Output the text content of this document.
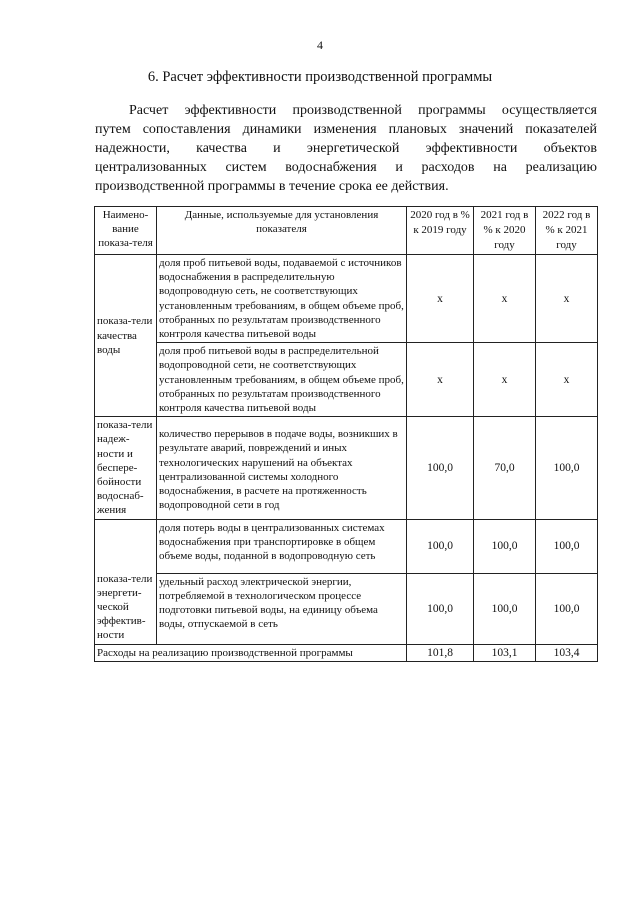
4
6. Расчет эффективности производственной программы
Расчет эффективности производственной программы осуществляется
путем сопоставления динамики изменения плановых значений показателей
надежности, качества и энергетической эффективности объектов
централизованных систем водоснабжения и расходов на реализацию
производственной программы в течение срока ее действия.
Наимено-вание показа-теля	Данные, используемые для установления показателя	2020 год в % к 2019 году	2021 год в % к 2020 году	2022 год в % к 2021 году
показа-тели качества воды	доля проб питьевой воды, подаваемой с источников водоснабжения в распределительную водопроводную сеть, не соответствующих установленным требованиям, в общем объеме проб, отобранных по результатам производственного контроля качества питьевой воды	x	x	x
	доля проб питьевой воды в распределительной водопроводной сети, не соответствующих установленным требованиям, в общем объеме проб, отобранных по результатам производственного контроля качества питьевой воды	x	x	x
показа-тели надеж-ности и беспере-бойности водоснаб-жения	количество перерывов в подаче воды, возникших в результате аварий, повреждений и иных технологических нарушений на объектах централизованной системы холодного водоснабжения, в расчете на протяженность водопроводной сети в год	100,0	70,0	100,0
показа-тели энергети-ческой эффектив-ности	доля потерь воды в централизованных системах водоснабжения при транспортировке в общем объеме воды, поданной в водопроводную сеть	100,0	100,0	100,0
	удельный расход электрической энергии, потребляемой в технологическом процессе подготовки питьевой воды, на единицу объема воды, отпускаемой в сеть	100,0	100,0	100,0
Расходы на реализацию производственной программы		101,8	103,1	103,4
